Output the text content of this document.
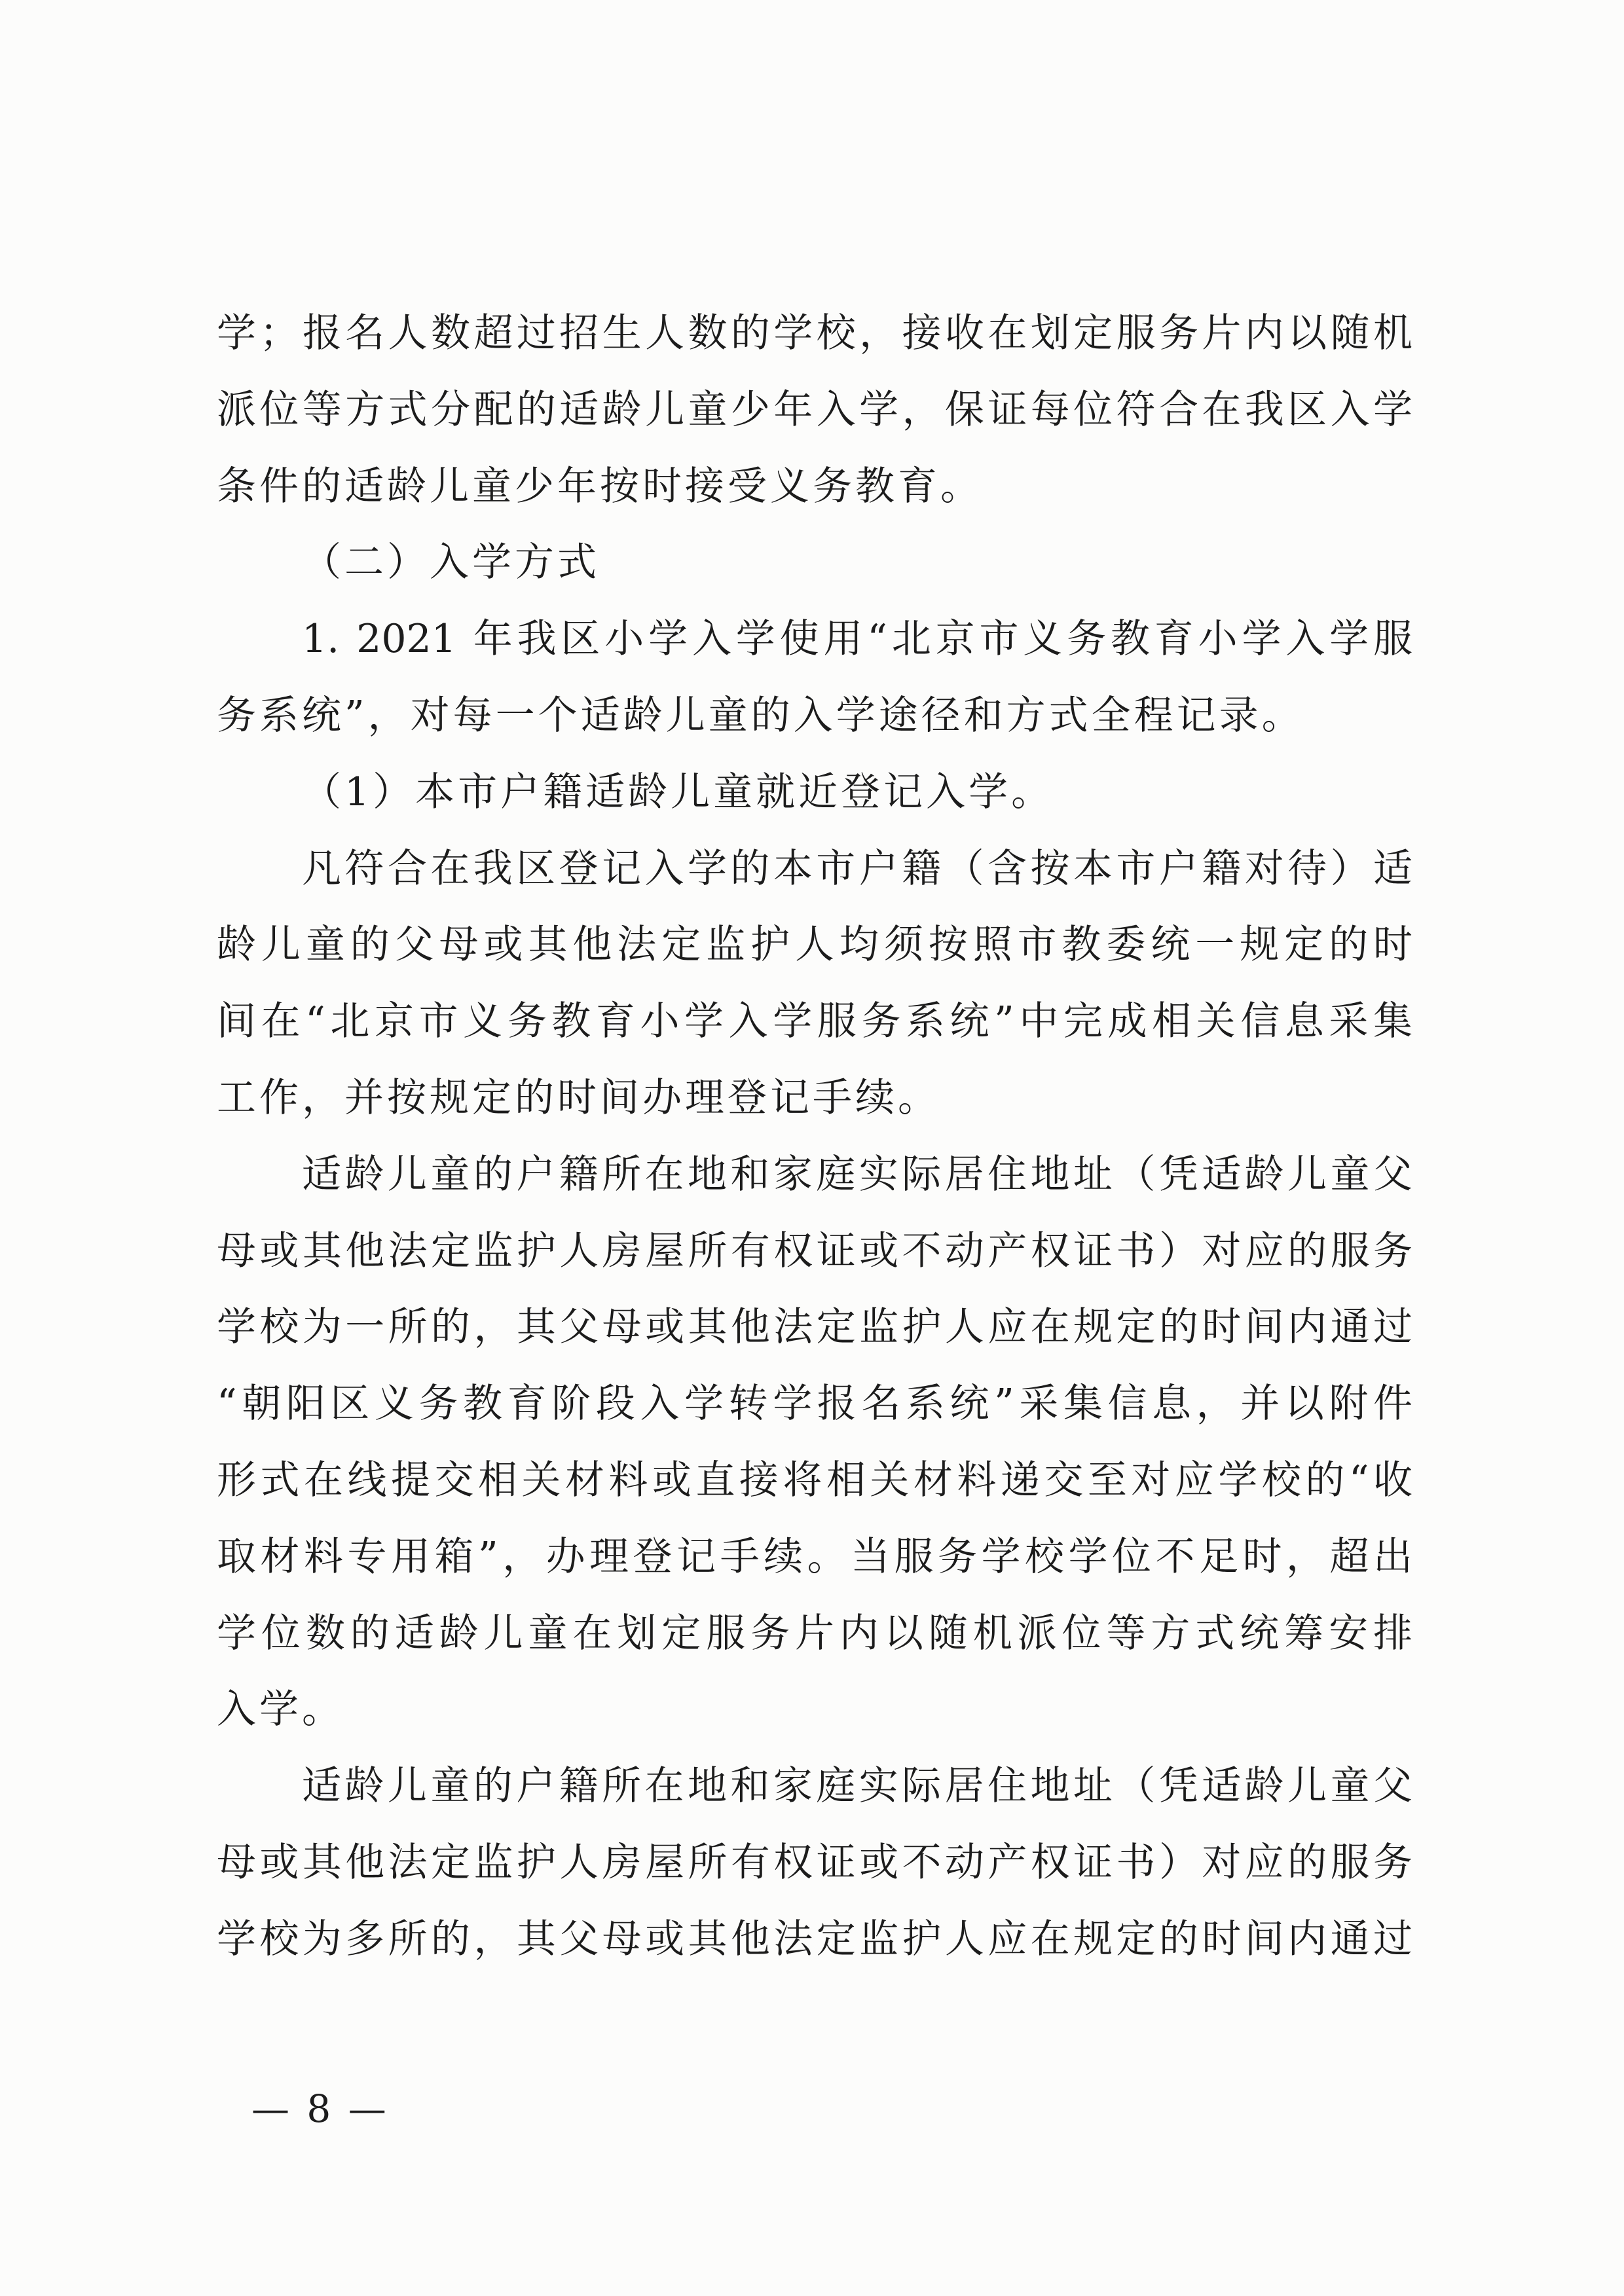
学；报名人数超过招生人数的学校，接收在划定服务片内以随机
派位等方式分配的适龄儿童少年入学，保证每位符合在我区入学
条件的适龄儿童少年按时接受义务教育。
（二）入学方式
1. 2021 年我区小学入学使用“北京市义务教育小学入学服
务系统”，对每一个适龄儿童的入学途径和方式全程记录。
（1）本市户籍适龄儿童就近登记入学。
凡符合在我区登记入学的本市户籍（含按本市户籍对待）适
龄儿童的父母或其他法定监护人均须按照市教委统一规定的时
间在“北京市义务教育小学入学服务系统”中完成相关信息采集
工作，并按规定的时间办理登记手续。
适龄儿童的户籍所在地和家庭实际居住地址（凭适龄儿童父
母或其他法定监护人房屋所有权证或不动产权证书）对应的服务
学校为一所的，其父母或其他法定监护人应在规定的时间内通过
“朝阳区义务教育阶段入学转学报名系统”采集信息，并以附件
形式在线提交相关材料或直接将相关材料递交至对应学校的“收
取材料专用箱”，办理登记手续。当服务学校学位不足时，超出
学位数的适龄儿童在划定服务片内以随机派位等方式统筹安排
入学。
适龄儿童的户籍所在地和家庭实际居住地址（凭适龄儿童父
母或其他法定监护人房屋所有权证或不动产权证书）对应的服务
学校为多所的，其父母或其他法定监护人应在规定的时间内通过
— 8 —
